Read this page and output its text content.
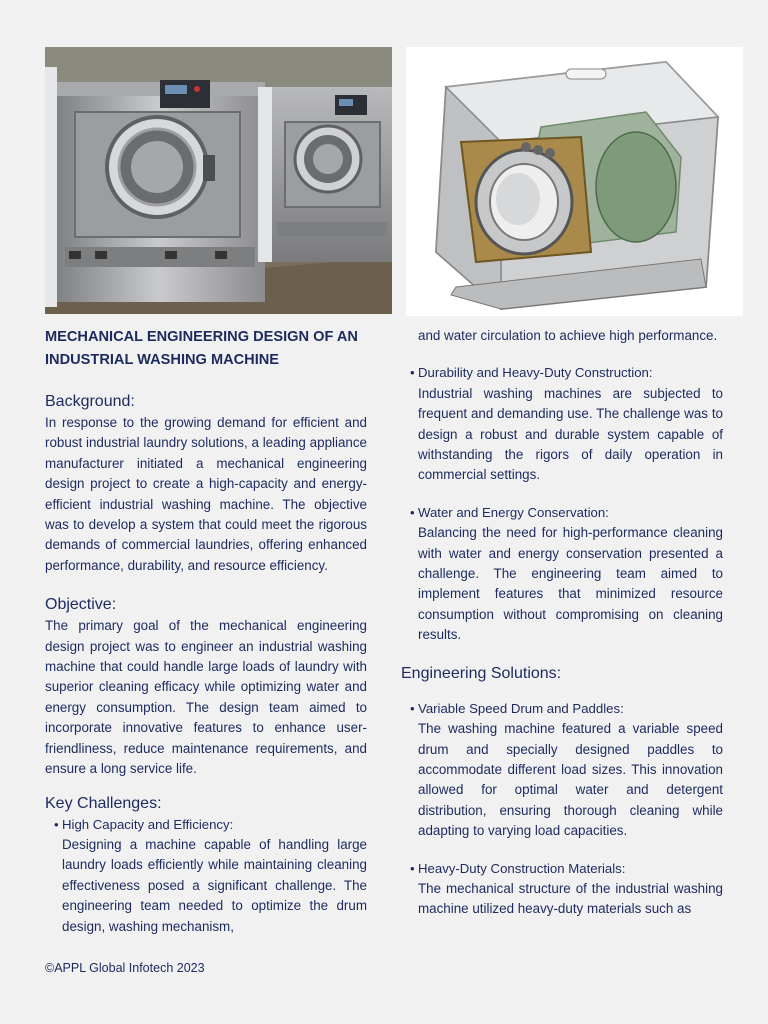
MECHANICAL ENGINEERING DESIGN OF AN INDUSTRIAL WASHING MACHINE

Background:

In response to the growing demand for efficient and robust industrial laundry solutions, a leading appliance manufacturer initiated a mechanical engineering design project to create a high-capacity and energy-efficient industrial washing machine. The objective was to develop a system that could meet the rigorous demands of commercial laundries, offering enhanced performance, durability, and resource efficiency.

Objective:

The primary goal of the mechanical engineering design project was to engineer an industrial washing machine that could handle large loads of laundry with superior cleaning efficacy while optimizing water and energy consumption. The design team aimed to incorporate innovative features to enhance user-friendliness, reduce maintenance requirements, and ensure a long service life.

Key Challenges:

• High Capacity and Efficiency:

Designing a machine capable of handling large laundry loads efficiently while maintaining cleaning effectiveness posed a significant challenge. The engineering team needed to optimize the drum design, washing mechanism,

and water circulation to achieve high performance.

• Durability and Heavy-Duty Construction:

Industrial washing machines are subjected to frequent and demanding use. The challenge was to design a robust and durable system capable of withstanding the rigors of daily operation in commercial settings.

• Water and Energy Conservation:

Balancing the need for high-performance cleaning with water and energy conservation presented a challenge. The engineering team aimed to implement features that minimized resource consumption without compromising on cleaning results.

Engineering Solutions:

• Variable Speed Drum and Paddles:

The washing machine featured a variable speed drum and specially designed paddles to accommodate different load sizes. This innovation allowed for optimal water and detergent distribution, ensuring thorough cleaning while adapting to varying load capacities.

• Heavy-Duty Construction Materials:

The mechanical structure of the industrial washing machine utilized heavy-duty materials such as

©APPL Global Infotech 2023
